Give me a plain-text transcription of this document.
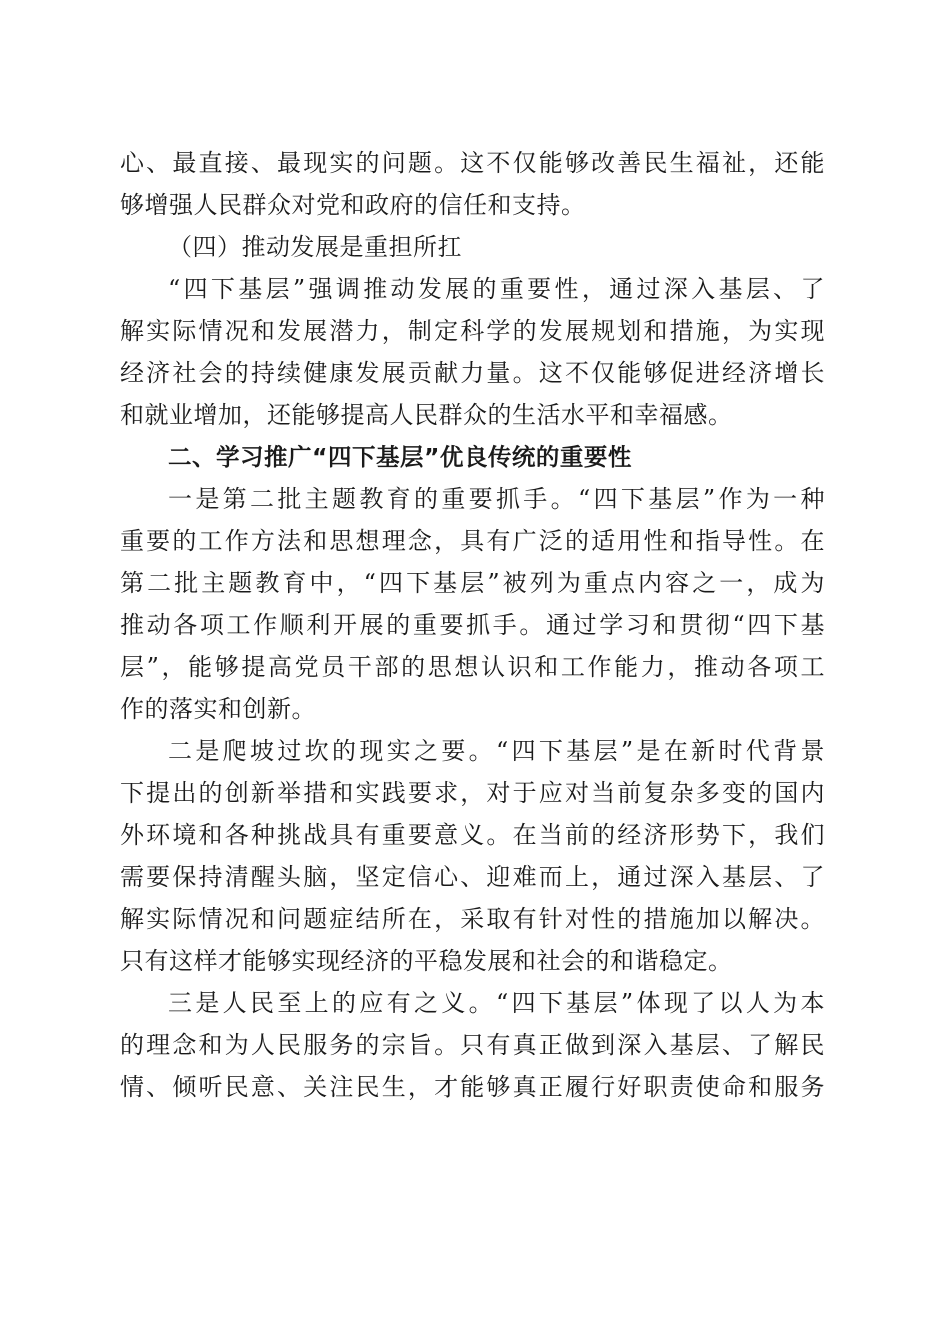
心、最直接、最现实的问题。这不仅能够改善民生福祉，还能
够增强人民群众对党和政府的信任和支持。
（四）推动发展是重担所扛
“四下基层”强调推动发展的重要性，通过深入基层、了
解实际情况和发展潜力，制定科学的发展规划和措施，为实现
经济社会的持续健康发展贡献力量。这不仅能够促进经济增长
和就业增加，还能够提高人民群众的生活水平和幸福感。
二、学习推广“四下基层”优良传统的重要性
一是第二批主题教育的重要抓手。“四下基层”作为一种
重要的工作方法和思想理念，具有广泛的适用性和指导性。在
第二批主题教育中，“四下基层”被列为重点内容之一，成为
推动各项工作顺利开展的重要抓手。通过学习和贯彻“四下基
层”，能够提高党员干部的思想认识和工作能力，推动各项工
作的落实和创新。
二是爬坡过坎的现实之要。“四下基层”是在新时代背景
下提出的创新举措和实践要求，对于应对当前复杂多变的国内
外环境和各种挑战具有重要意义。在当前的经济形势下，我们
需要保持清醒头脑，坚定信心、迎难而上，通过深入基层、了
解实际情况和问题症结所在，采取有针对性的措施加以解决。
只有这样才能够实现经济的平稳发展和社会的和谐稳定。
三是人民至上的应有之义。“四下基层”体现了以人为本
的理念和为人民服务的宗旨。只有真正做到深入基层、了解民
情、倾听民意、关注民生，才能够真正履行好职责使命和服务
